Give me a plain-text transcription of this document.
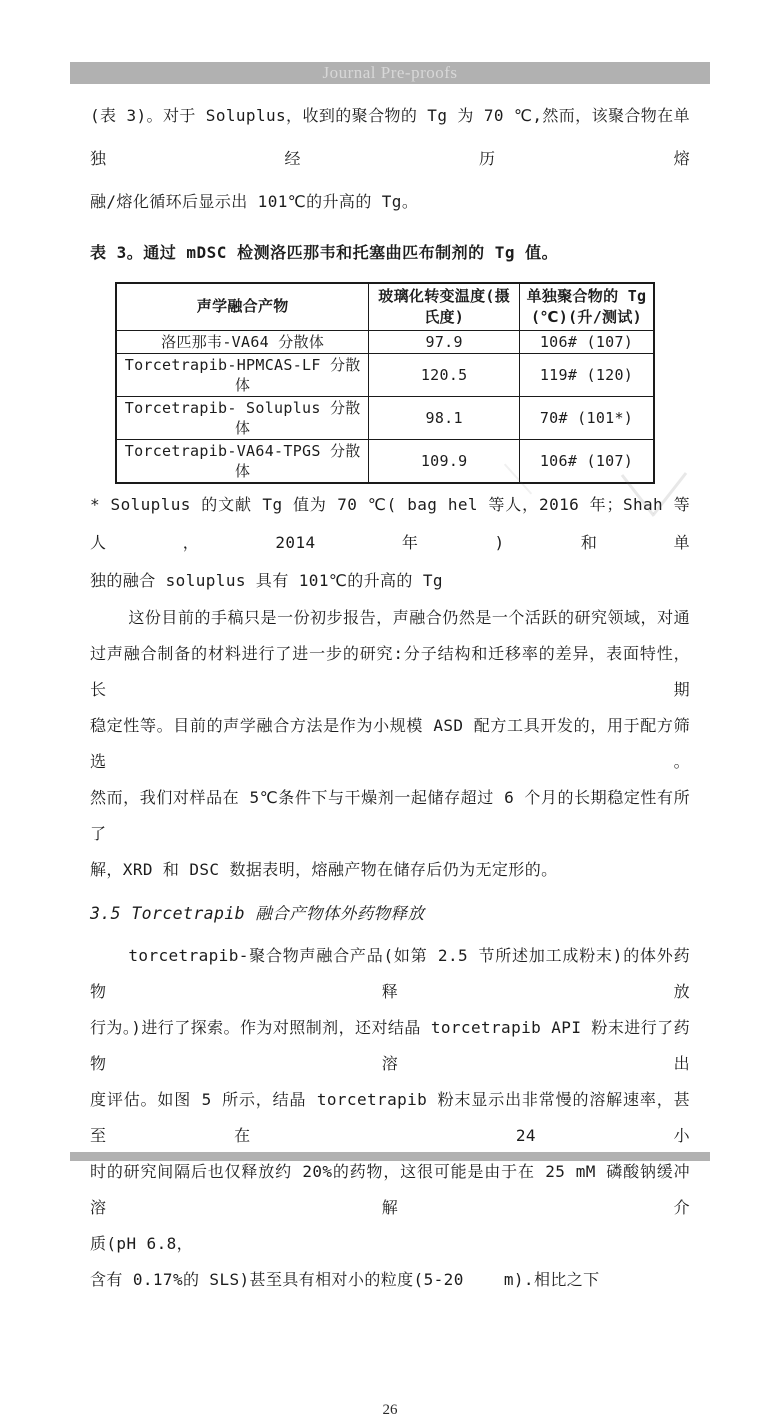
Journal Pre-proofs
(表 3)。对于 Soluplus，收到的聚合物的 Tg 为 70 ℃,然而，该聚合物在单独经历熔
融/熔化循环后显示出 101℃的升高的 Tg。
表 3。通过 mDSC 检测洛匹那韦和托塞曲匹布制剂的 Tg 值。
声学融合产物	玻璃化转变温度(摄氏度)	单独聚合物的 Tg (℃)(升/测试)
洛匹那韦-VA64 分散体	97.9	106# (107)
Torcetrapib-HPMCAS-LF 分散体	120.5	119# (120)
Torcetrapib- Soluplus 分散体	98.1	70# (101*)
Torcetrapib-VA64-TPGS 分散体	109.9	106# (107)
* Soluplus 的文献 Tg 值为 70 ℃( bag hel 等人，2016 年；Shah 等人，2014 年)和单
独的融合 soluplus 具有 101℃的升高的 Tg
这份目前的手稿只是一份初步报告，声融合仍然是一个活跃的研究领域，对通
过声融合制备的材料进行了进一步的研究:分子结构和迁移率的差异，表面特性，长期
稳定性等。目前的声学融合方法是作为小规模 ASD 配方工具开发的，用于配方筛选。
然而，我们对样品在 5℃条件下与干燥剂一起储存超过 6 个月的长期稳定性有所了
解，XRD 和 DSC 数据表明，熔融产物在储存后仍为无定形的。
3.5 Torcetrapib 融合产物体外药物释放
torcetrapib-聚合物声融合产品(如第 2.5 节所述加工成粉末)的体外药物释放
行为。)进行了探索。作为对照制剂，还对结晶 torcetrapib API 粉末进行了药物溶出
度评估。如图 5 所示，结晶 torcetrapib 粉末显示出非常慢的溶解速率，甚至在 24 小
时的研究间隔后也仅释放约 20%的药物，这很可能是由于在 25 mM 磷酸钠缓冲溶解介
质(pH 6.8，
含有 0.17%的 SLS)甚至具有相对小的粒度(5-20    m).相比之下
26
